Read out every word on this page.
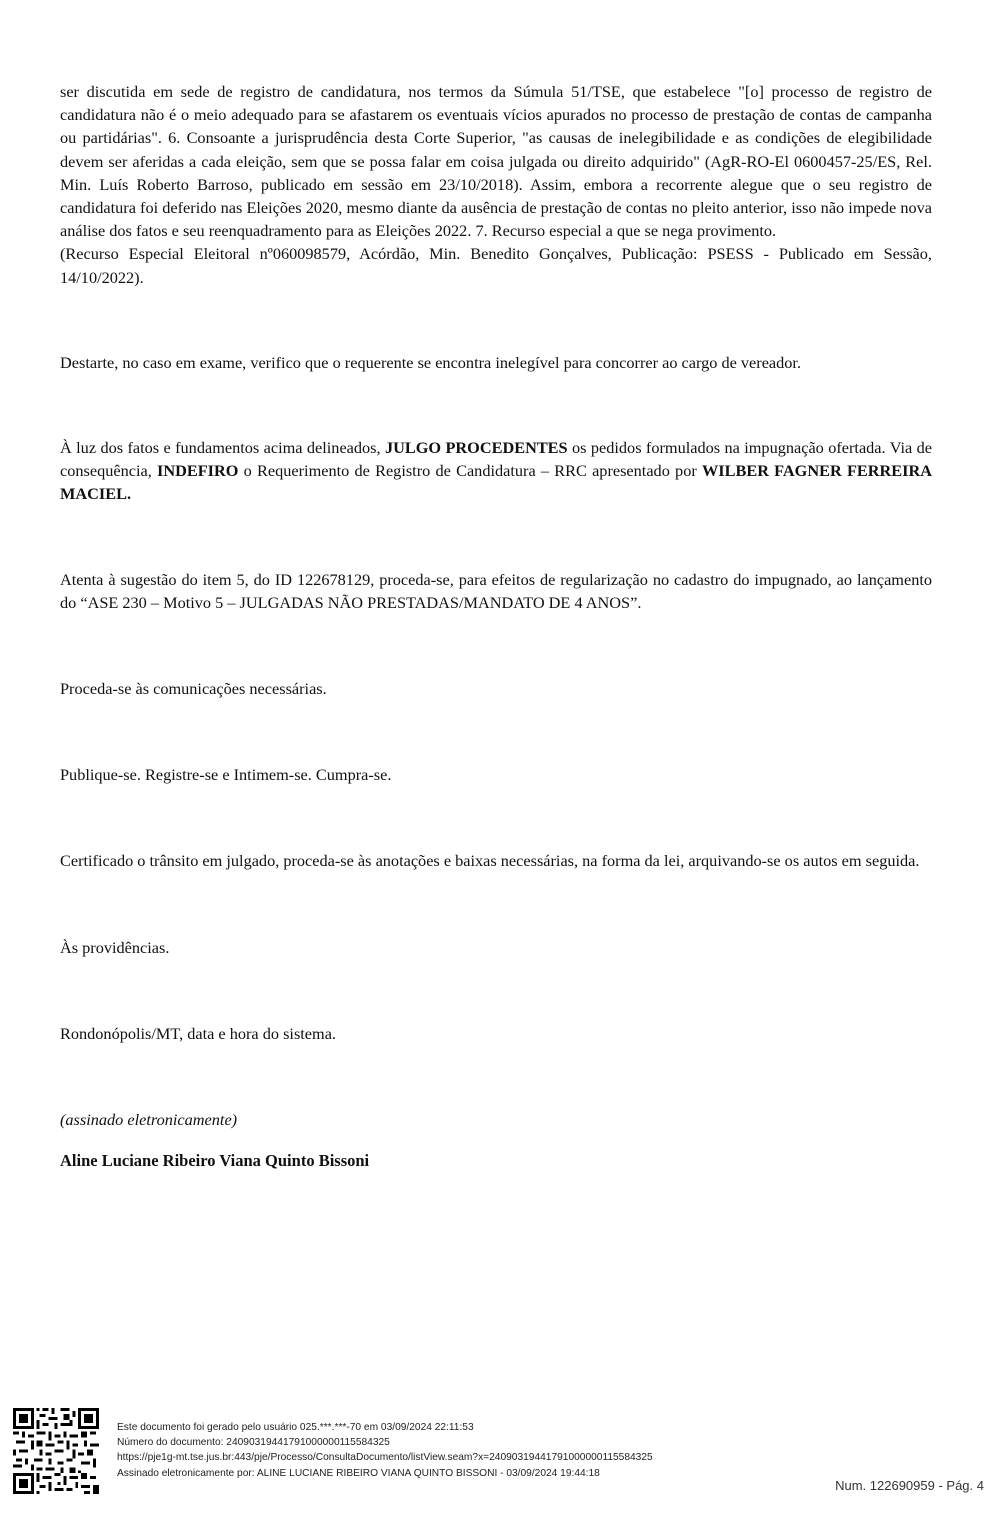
ser discutida em sede de registro de candidatura, nos termos da Súmula 51/TSE, que estabelece "[o] processo de registro de candidatura não é o meio adequado para se afastarem os eventuais vícios apurados no processo de prestação de contas de campanha ou partidárias". 6. Consoante a jurisprudência desta Corte Superior, "as causas de inelegibilidade e as condições de elegibilidade devem ser aferidas a cada eleição, sem que se possa falar em coisa julgada ou direito adquirido" (AgR-RO-El 0600457-25/ES, Rel. Min. Luís Roberto Barroso, publicado em sessão em 23/10/2018). Assim, embora a recorrente alegue que o seu registro de candidatura foi deferido nas Eleições 2020, mesmo diante da ausência de prestação de contas no pleito anterior, isso não impede nova análise dos fatos e seu reenquadramento para as Eleições 2022. 7. Recurso especial a que se nega provimento.

(Recurso Especial Eleitoral nº060098579, Acórdão, Min. Benedito Gonçalves, Publicação: PSESS - Publicado em Sessão, 14/10/2022).

Destarte, no caso em exame, verifico que o requerente se encontra inelegível para concorrer ao cargo de vereador.

À luz dos fatos e fundamentos acima delineados, JULGO PROCEDENTES os pedidos formulados na impugnação ofertada. Via de consequência, INDEFIRO o Requerimento de Registro de Candidatura – RRC apresentado por WILBER FAGNER FERREIRA MACIEL.

Atenta à sugestão do item 5, do ID 122678129, proceda-se, para efeitos de regularização no cadastro do impugnado, ao lançamento do “ASE 230 – Motivo 5 – JULGADAS NÃO PRESTADAS/MANDATO DE 4 ANOS”.

Proceda-se às comunicações necessárias.

Publique-se. Registre-se e Intimem-se. Cumpra-se.

Certificado o trânsito em julgado, proceda-se às anotações e baixas necessárias, na forma da lei, arquivando-se os autos em seguida.

Às providências.

Rondonópolis/MT, data e hora do sistema.

(assinado eletronicamente)

Aline Luciane Ribeiro Viana Quinto Bissoni

Este documento foi gerado pelo usuário 025.***.***-70 em 03/09/2024 22:11:53
Número do documento: 24090319441791000000115584325
https://pje1g-mt.tse.jus.br:443/pje/Processo/ConsultaDocumento/listView.seam?x=24090319441791000000115584325
Assinado eletronicamente por: ALINE LUCIANE RIBEIRO VIANA QUINTO BISSONI - 03/09/2024 19:44:18
Num. 122690959 - Pág. 4
